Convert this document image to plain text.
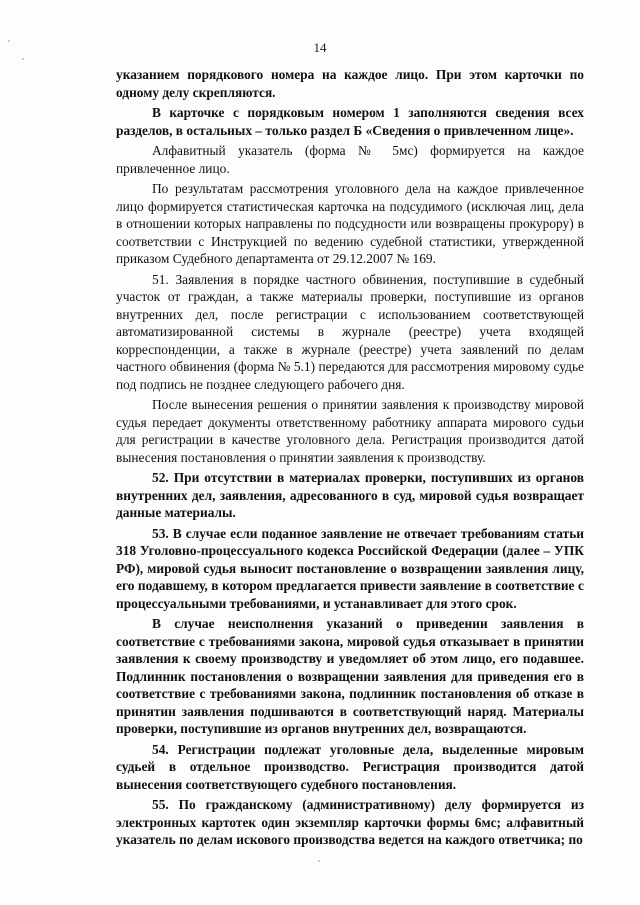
14

указанием порядкового номера на каждое лицо. При этом карточки по одному делу скрепляются.

В карточке с порядковым номером 1 заполняются сведения всех разделов, в остальных – только раздел Б «Сведения о привлеченном лице».

Алфавитный указатель (форма № 5мс) формируется на каждое привлеченное лицо.

По результатам рассмотрения уголовного дела на каждое привлеченное лицо формируется статистическая карточка на подсудимого (исключая лиц, дела в отношении которых направлены по подсудности или возвращены прокурору) в соответствии с Инструкцией по ведению судебной статистики, утвержденной приказом Судебного департамента от 29.12.2007 № 169.

51. Заявления в порядке частного обвинения, поступившие в судебный участок от граждан, а также материалы проверки, поступившие из органов внутренних дел, после регистрации с использованием соответствующей автоматизированной системы в журнале (реестре) учета входящей корреспонденции, а также в журнале (реестре) учета заявлений по делам частного обвинения (форма № 5.1) передаются для рассмотрения мировому судье под подпись не позднее следующего рабочего дня.

После вынесения решения о принятии заявления к производству мировой судья передает документы ответственному работнику аппарата мирового судьи для регистрации в качестве уголовного дела. Регистрация производится датой вынесения постановления о принятии заявления к производству.

52. При отсутствии в материалах проверки, поступивших из органов внутренних дел, заявления, адресованного в суд, мировой судья возвращает данные материалы.

53. В случае если поданное заявление не отвечает требованиям статьи 318 Уголовно-процессуального кодекса Российской Федерации (далее – УПК РФ), мировой судья выносит постановление о возвращении заявления лицу, его подавшему, в котором предлагается привести заявление в соответствие с процессуальными требованиями, и устанавливает для этого срок.

В случае неисполнения указаний о приведении заявления в соответствие с требованиями закона, мировой судья отказывает в принятии заявления к своему производству и уведомляет об этом лицо, его подавшее. Подлинник постановления о возвращении заявления для приведения его в соответствие с требованиями закона, подлинник постановления об отказе в принятии заявления подшиваются в соответствующий наряд. Материалы проверки, поступившие из органов внутренних дел, возвращаются.

54. Регистрации подлежат уголовные дела, выделенные мировым судьей в отдельное производство. Регистрация производится датой вынесения соответствующего судебного постановления.

55. По гражданскому (административному) делу формируется из электронных картотек один экземпляр карточки формы 6мс; алфавитный указатель по делам искового производства ведется на каждого ответчика; по
